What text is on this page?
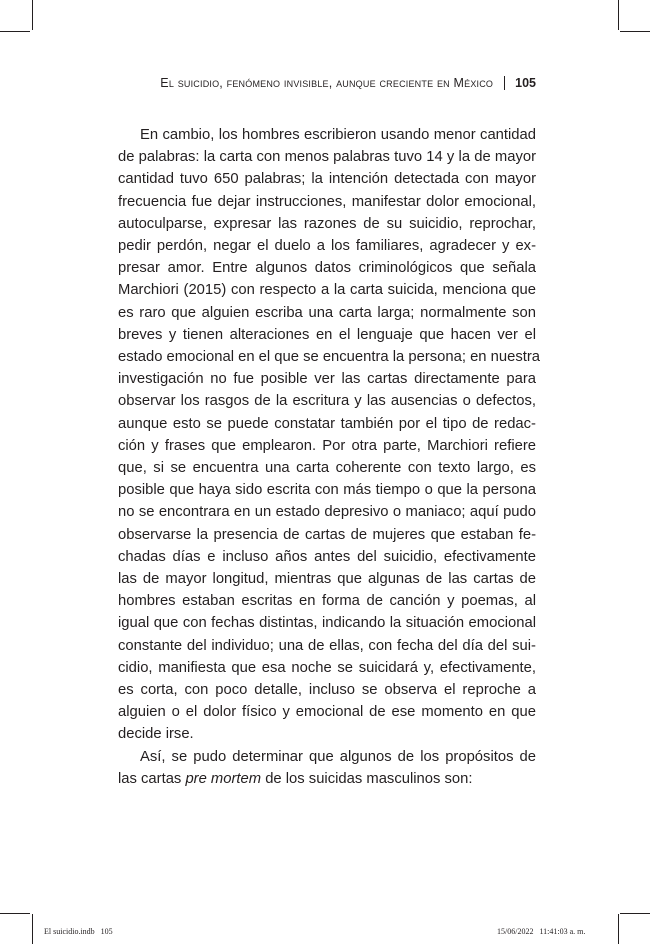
El suicidio, fenómeno invisible, aunque creciente en México 105
En cambio, los hombres escribieron usando menor cantidad
de palabras: la carta con menos palabras tuvo 14 y la de mayor
cantidad tuvo 650 palabras; la intención detectada con mayor
frecuencia fue dejar instrucciones, manifestar dolor emocional,
autoculparse, expresar las razones de su suicidio, reprochar,
pedir perdón, negar el duelo a los familiares, agradecer y ex-
presar amor. Entre algunos datos criminológicos que señala
Marchiori (2015) con respecto a la carta suicida, menciona que
es raro que alguien escriba una carta larga; normalmente son
breves y tienen alteraciones en el lenguaje que hacen ver el
estado emocional en el que se encuentra la persona; en nuestra
investigación no fue posible ver las cartas directamente para
observar los rasgos de la escritura y las ausencias o defectos,
aunque esto se puede constatar también por el tipo de redac-
ción y frases que emplearon. Por otra parte, Marchiori refiere
que, si se encuentra una carta coherente con texto largo, es
posible que haya sido escrita con más tiempo o que la persona
no se encontrara en un estado depresivo o maniaco; aquí pudo
observarse la presencia de cartas de mujeres que estaban fe-
chadas días e incluso años antes del suicidio, efectivamente
las de mayor longitud, mientras que algunas de las cartas de
hombres estaban escritas en forma de canción y poemas, al
igual que con fechas distintas, indicando la situación emocional
constante del individuo; una de ellas, con fecha del día del sui-
cidio, manifiesta que esa noche se suicidará y, efectivamente,
es corta, con poco detalle, incluso se observa el reproche a
alguien o el dolor físico y emocional de ese momento en que
decide irse.
Así, se pudo determinar que algunos de los propósitos de
las cartas pre mortem de los suicidas masculinos son:
El suicidio.indb   105	15/06/2022   11:41:03 a. m.
